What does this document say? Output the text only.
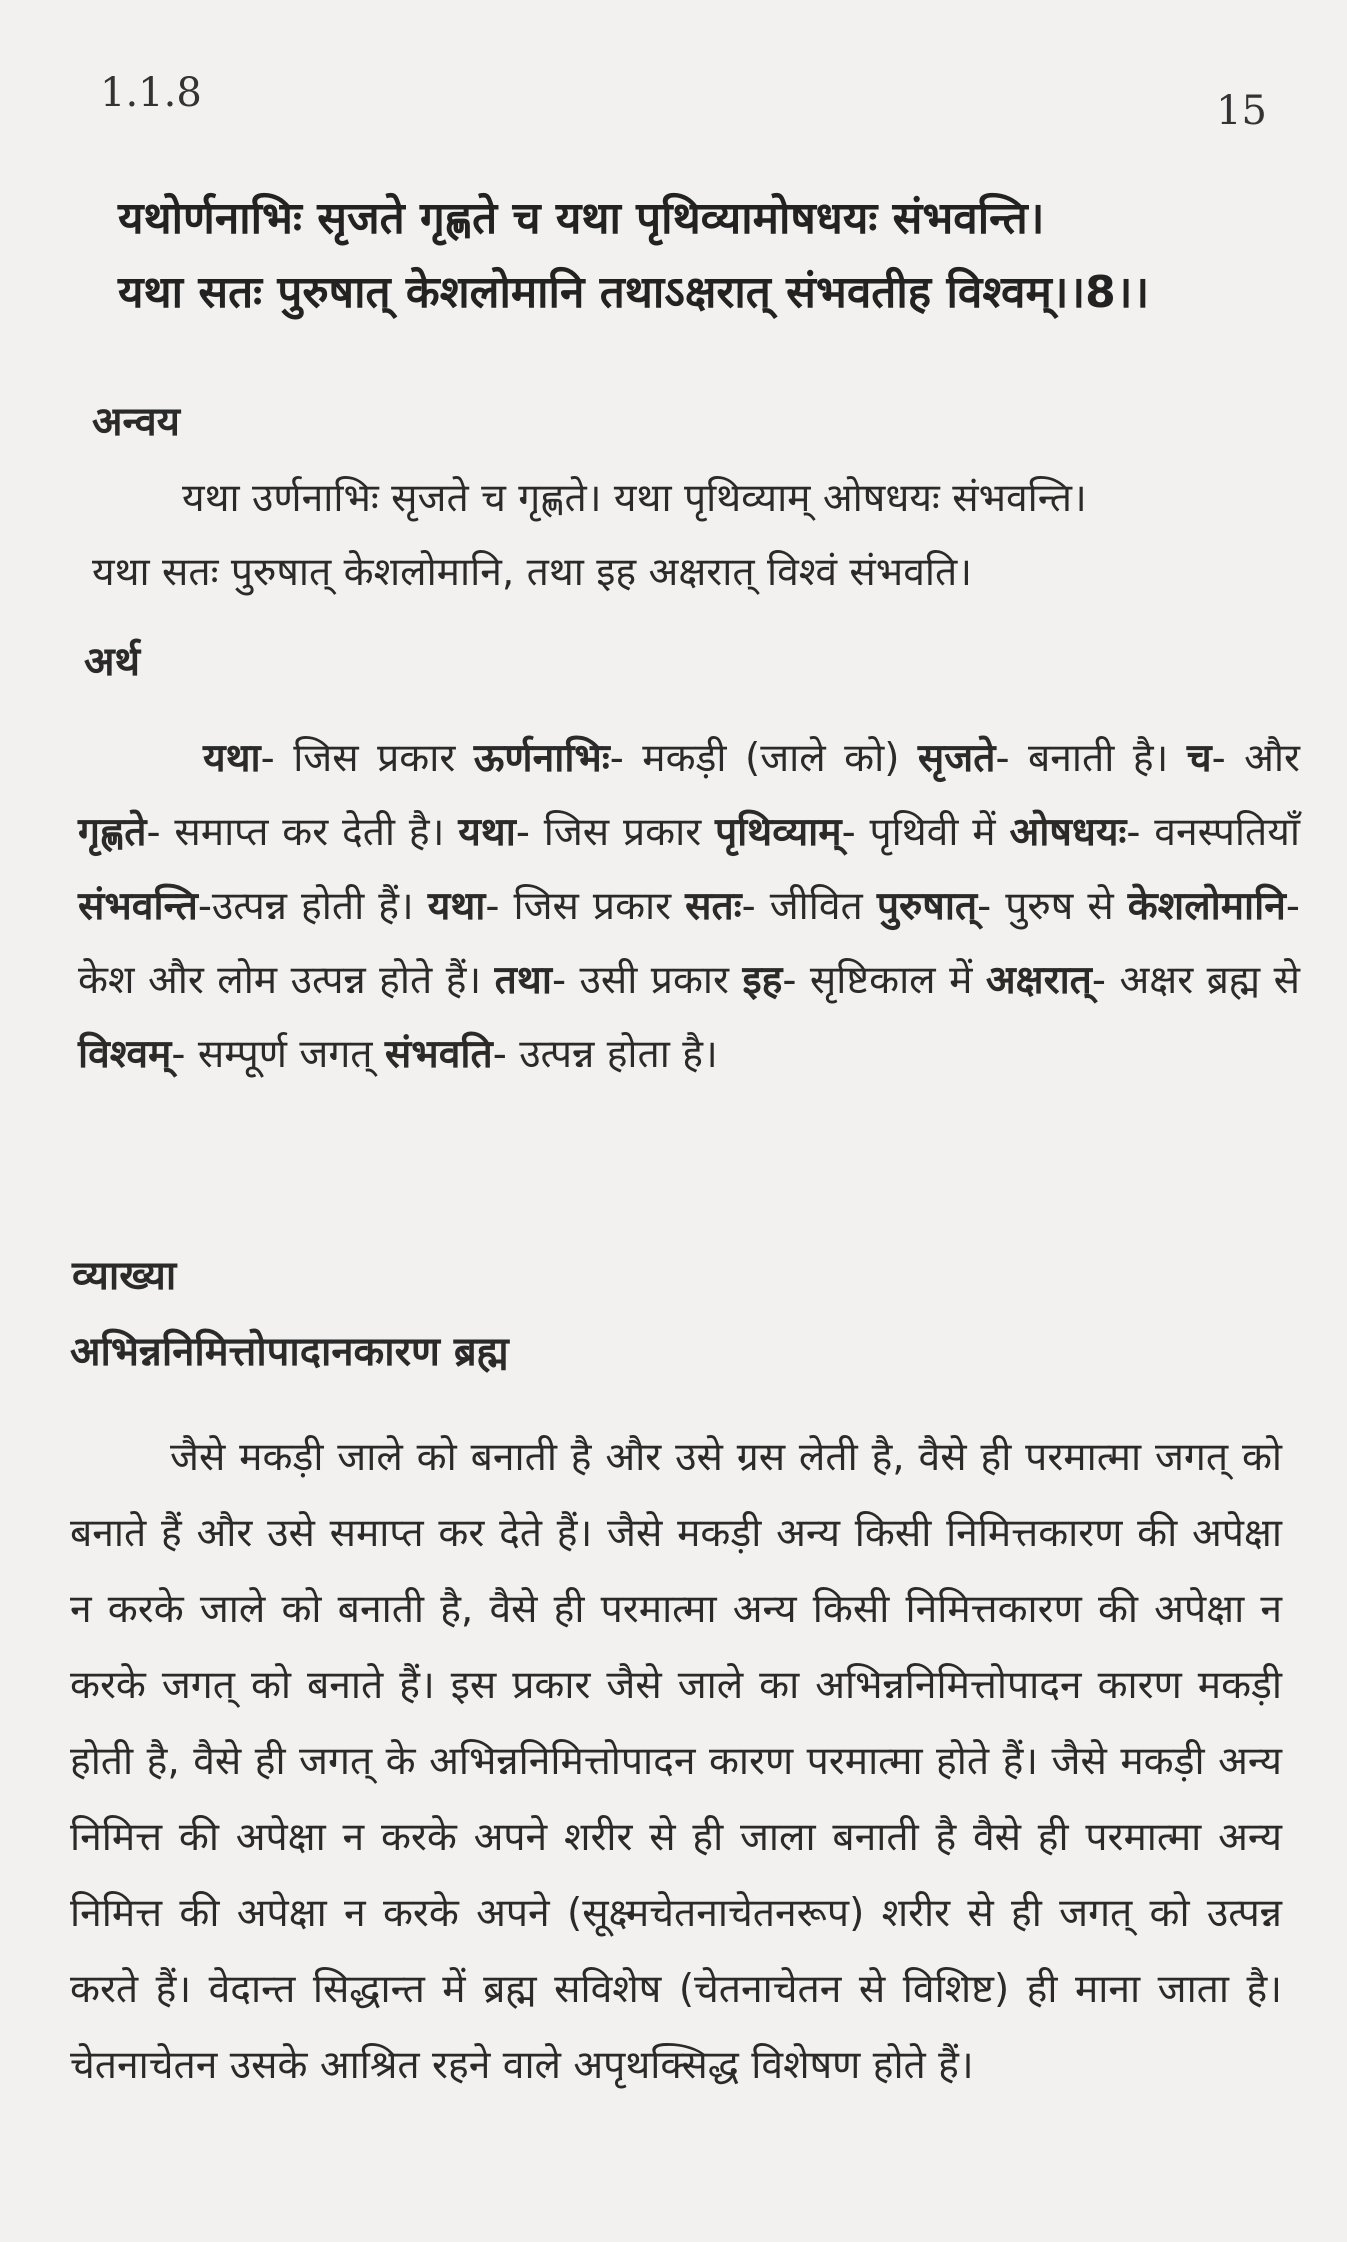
1.1.8	15
यथोर्णनाभिः सृजते गृह्णते च यथा पृथिव्यामोषधयः संभवन्ति।
यथा सतः पुरुषात् केशलोमानि तथाऽक्षरात् संभवतीह विश्वम्।।8।।
अन्वय
यथा उर्णनाभिः सृजते च गृह्णते। यथा पृथिव्याम् ओषधयः संभवन्ति।
यथा सतः पुरुषात् केशलोमानि, तथा इह अक्षरात् विश्वं संभवति।
अर्थ
यथा- जिस प्रकार ऊर्णनाभिः- मकड़ी (जाले को) सृजते- बनाती है। च- और गृह्णते- समाप्त कर देती है। यथा- जिस प्रकार पृथिव्याम्- पृथिवी में ओषधयः- वनस्पतियाँ संभवन्ति-उत्पन्न होती हैं। यथा- जिस प्रकार सतः- जीवित पुरुषात्- पुरुष से केशलोमानि- केश और लोम उत्पन्न होते हैं। तथा- उसी प्रकार इह- सृष्टिकाल में अक्षरात्- अक्षर ब्रह्म से विश्वम्- सम्पूर्ण जगत् संभवति- उत्पन्न होता है।
व्याख्या
अभिन्ननिमित्तोपादानकारण ब्रह्म
जैसे मकड़ी जाले को बनाती है और उसे ग्रस लेती है, वैसे ही परमात्मा जगत् को बनाते हैं और उसे समाप्त कर देते हैं। जैसे मकड़ी अन्य किसी निमित्तकारण की अपेक्षा न करके जाले को बनाती है, वैसे ही परमात्मा अन्य किसी निमित्तकारण की अपेक्षा न करके जगत् को बनाते हैं। इस प्रकार जैसे जाले का अभिन्ननिमित्तोपादन कारण मकड़ी होती है, वैसे ही जगत् के अभिन्ननिमित्तोपादन कारण परमात्मा होते हैं। जैसे मकड़ी अन्य निमित्त की अपेक्षा न करके अपने शरीर से ही जाला बनाती है वैसे ही परमात्मा अन्य निमित्त की अपेक्षा न करके अपने (सूक्ष्मचेतनाचेतनरूप) शरीर से ही जगत् को उत्पन्न करते हैं। वेदान्त सिद्धान्त में ब्रह्म सविशेष (चेतनाचेतन से विशिष्ट) ही माना जाता है। चेतनाचेतन उसके आश्रित रहने वाले अपृथक्सिद्ध विशेषण होते हैं।
